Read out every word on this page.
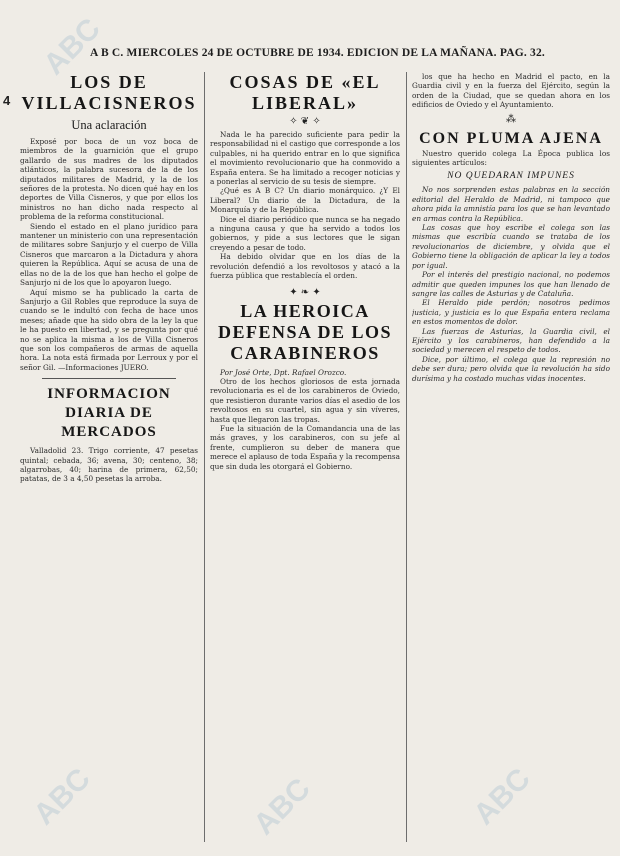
ABC
ABC	ABC
ABC
A B C. MIERCOLES 24 DE OCTUBRE DE 1934. EDICION DE LA MAÑANA. PAG. 32.
4
LOS DE VILLACISNEROS
Una aclaración

Exposé por boca de un voz boca de miembros de la guarnición que el grupo gallardo de sus madres de los diputados atlánticos, la palabra sucesora de la de los diputados militares de Madrid, y la de los señores de la protesta. No dicen qué hay en los deportes de Villa Cisneros, y que por ellos los ministros no han dicho nada respecto al problema de la reforma constitucional.

Siendo el estado en el plano jurídico para mantener un ministerio con una representación de militares sobre Sanjurjo y el cuerpo de Villa Cisneros que marcaron a la Dictadura y ahora quieren la República. Aquí se acusa de una de ellas no de la de los que han hecho el golpe de Sanjurjo ni de los que lo apoyaron luego.

Aquí mismo se ha publicado la carta de Sanjurjo a Gil Robles que reproduce la suya de cuando se le indultó con fecha de hace unos meses; añade que ha sido obra de la ley la que le ha puesto en libertad, y se pregunta por qué no se aplica la misma a los de Villa Cisneros que son los compañeros de armas de aquella hora. La nota está firmada por Lerroux y por el señor Gil. —Informaciones JUERO.

INFORMACION DIARIA DE MERCADOS

Valladolid 23. Trigo corriente, 47 pesetas quintal; cebada, 36; avena, 30; centeno, 38; algarrobas, 40; harina de primera, 62,50; patatas, de 3 a 4,50 pesetas la arroba.

COSAS DE «EL LIBERAL»
✧ ❦ ✧

Nada le ha parecido suficiente para pedir la responsabilidad ni el castigo que corresponde a los culpables, ni ha querido entrar en lo que significa el movimiento revolucionario que ha conmovido a España entera. Se ha limitado a recoger noticias y a ponerlas al servicio de su tesis de siempre.

¿Qué es A B C? Un diario monárquico. ¿Y El Liberal? Un diario de la Dictadura, de la Monarquía y de la República.

Dice el diario periódico que nunca se ha negado a ninguna causa y que ha servido a todos los gobiernos, y pide a sus lectores que le sigan creyendo a pesar de todo.

Ha debido olvidar que en los días de la revolución defendió a los revoltosos y atacó a la fuerza pública que restablecía el orden.

✦ ❧ ✦
LA HEROICA DEFENSA DE LOS CARABINEROS

Por José Orte, Dpt. Rafael Orozco.

Otro de los hechos gloriosos de esta jornada revolucionaria es el de los carabineros de Oviedo, que resistieron durante varios días el asedio de los revoltosos en su cuartel, sin agua y sin víveres, hasta que llegaron las tropas.

Fue la situación de la Comandancia una de las más graves, y los carabineros, con su jefe al frente, cumplieron su deber de manera que merece el aplauso de toda España y la recompensa que sin duda les otorgará el Gobierno.

los que ha hecho en Madrid el pacto, en la Guardia civil y en la fuerza del Ejército, según la orden de la Ciudad, que se quedan ahora en los edificios de Oviedo y el Ayuntamiento.

⁂
CON PLUMA AJENA

Nuestro querido colega La Época publica los siguientes artículos:

NO QUEDARAN IMPUNES

No nos sorprenden estas palabras en la sección editorial del Heraldo de Madrid, ni tampoco que ahora pida la amnistía para los que se han levantado en armas contra la República.

Las cosas que hoy escribe el colega son las mismas que escribía cuando se trataba de los revolucionarios de diciembre, y olvida que el Gobierno tiene la obligación de aplicar la ley a todos por igual.

Por el interés del prestigio nacional, no podemos admitir que queden impunes los que han llenado de sangre las calles de Asturias y de Cataluña.

El Heraldo pide perdón; nosotros pedimos justicia, y justicia es lo que España entera reclama en estos momentos de dolor.

Las fuerzas de Asturias, la Guardia civil, el Ejército y los carabineros, han defendido a la sociedad y merecen el respeto de todos.

Dice, por último, el colega que la represión no debe ser dura; pero olvida que la revolución ha sido durísima y ha costado muchas vidas inocentes.
